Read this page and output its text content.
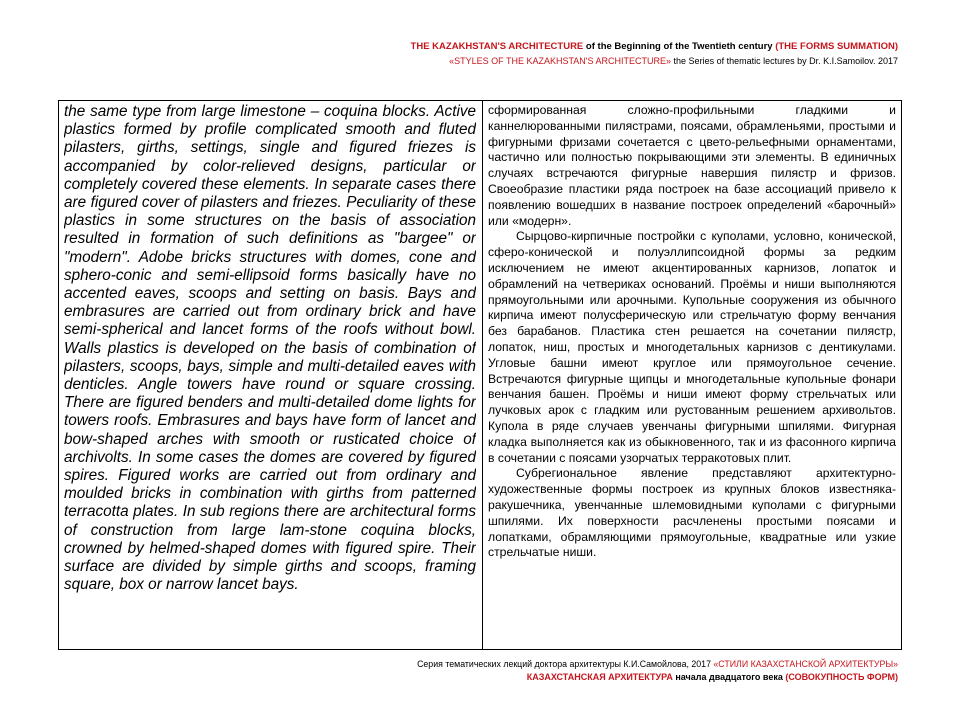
THE KAZAKHSTAN'S ARCHITECTURE of the Beginning of the Twentieth century (THE FORMS SUMMATION)
«STYLES OF THE KAZAKHSTAN'S ARCHITECTURE» the Series of thematic lectures by Dr. K.I.Samoilov. 2017

the same type from large limestone – coquina blocks. Active plastics formed by profile complicated smooth and fluted pilasters, girths, settings, single and figured friezes is accompanied by color-relieved designs, particular or completely covered these elements. In separate cases there are figured cover of pilasters and friezes. Peculiarity of these plastics in some structures on the basis of association resulted in formation of such definitions as "bargee" or "modern". Adobe bricks structures with domes, cone and sphero-conic and semi-ellipsoid forms basically have no accented eaves, scoops and setting on basis. Bays and embrasures are carried out from ordinary brick and have semi-spherical and lancet forms of the roofs without bowl. Walls plastics is developed on the basis of combination of pilasters, scoops, bays, simple and multi-detailed eaves with denticles. Angle towers have round or square crossing. There are figured benders and multi-detailed dome lights for towers roofs. Embrasures and bays have form of lancet and bow-shaped arches with smooth or rusticated choice of archivolts. In some cases the domes are covered by figured spires. Figured works are carried out from ordinary and moulded bricks in combination with girths from patterned terracotta plates. In sub regions there are architectural forms of construction from large lam-stone coquina blocks, crowned by helmed-shaped domes with figured spire. Their surface are divided by simple girths and scoops, framing square, box or narrow lancet bays.

сформированная сложно-профильными гладкими и каннелюрованными пилястрами, поясами, обрамленьями, простыми и фигурными фризами сочетается с цвето-рельефными орнаментами, частично или полностью покрывающими эти элементы. В единичных случаях встречаются фигурные навершия пилястр и фризов. Своеобразие пластики ряда построек на базе ассоциаций привело к появлению вошедших в название построек определений «барочный» или «модерн».

Сырцово-кирпичные постройки с куполами, условно, конической, сферо-конической и полуэллипсоидной формы за редким исключением не имеют акцентированных карнизов, лопаток и обрамлений на четвериках оснований. Проёмы и ниши выполняются прямоугольными или арочными. Купольные сооружения из обычного кирпича имеют полусферическую или стрельчатую форму венчания без барабанов. Пластика стен решается на сочетании пилястр, лопаток, ниш, простых и многодетальных карнизов с дентикулами. Угловые башни имеют круглое или прямоугольное сечение. Встречаются фигурные щипцы и многодетальные купольные фонари венчания башен. Проёмы и ниши имеют форму стрельчатых или лучковых арок с гладким или рустованным решением архивольтов. Купола в ряде случаев увенчаны фигурными шпилями. Фигурная кладка выполняется как из обыкновенного, так и из фасонного кирпича в сочетании с поясами узорчатых терракотовых плит.

Субрегиональное явление представляют архитектурно-художественные формы построек из крупных блоков известняка-ракушечника, увенчанные шлемовидными куполами с фигурными шпилями. Их поверхности расчленены простыми поясами и лопатками, обрамляющими прямоугольные, квадратные или узкие стрельчатые ниши.

Серия тематических лекций доктора архитектуры К.И.Самойлова, 2017 «СТИЛИ КАЗАХСТАНСКОЙ АРХИТЕКТУРЫ»
КАЗАХСТАНСКАЯ АРХИТЕКТУРА начала двадцатого века (СОВОКУПНОСТЬ ФОРМ)
